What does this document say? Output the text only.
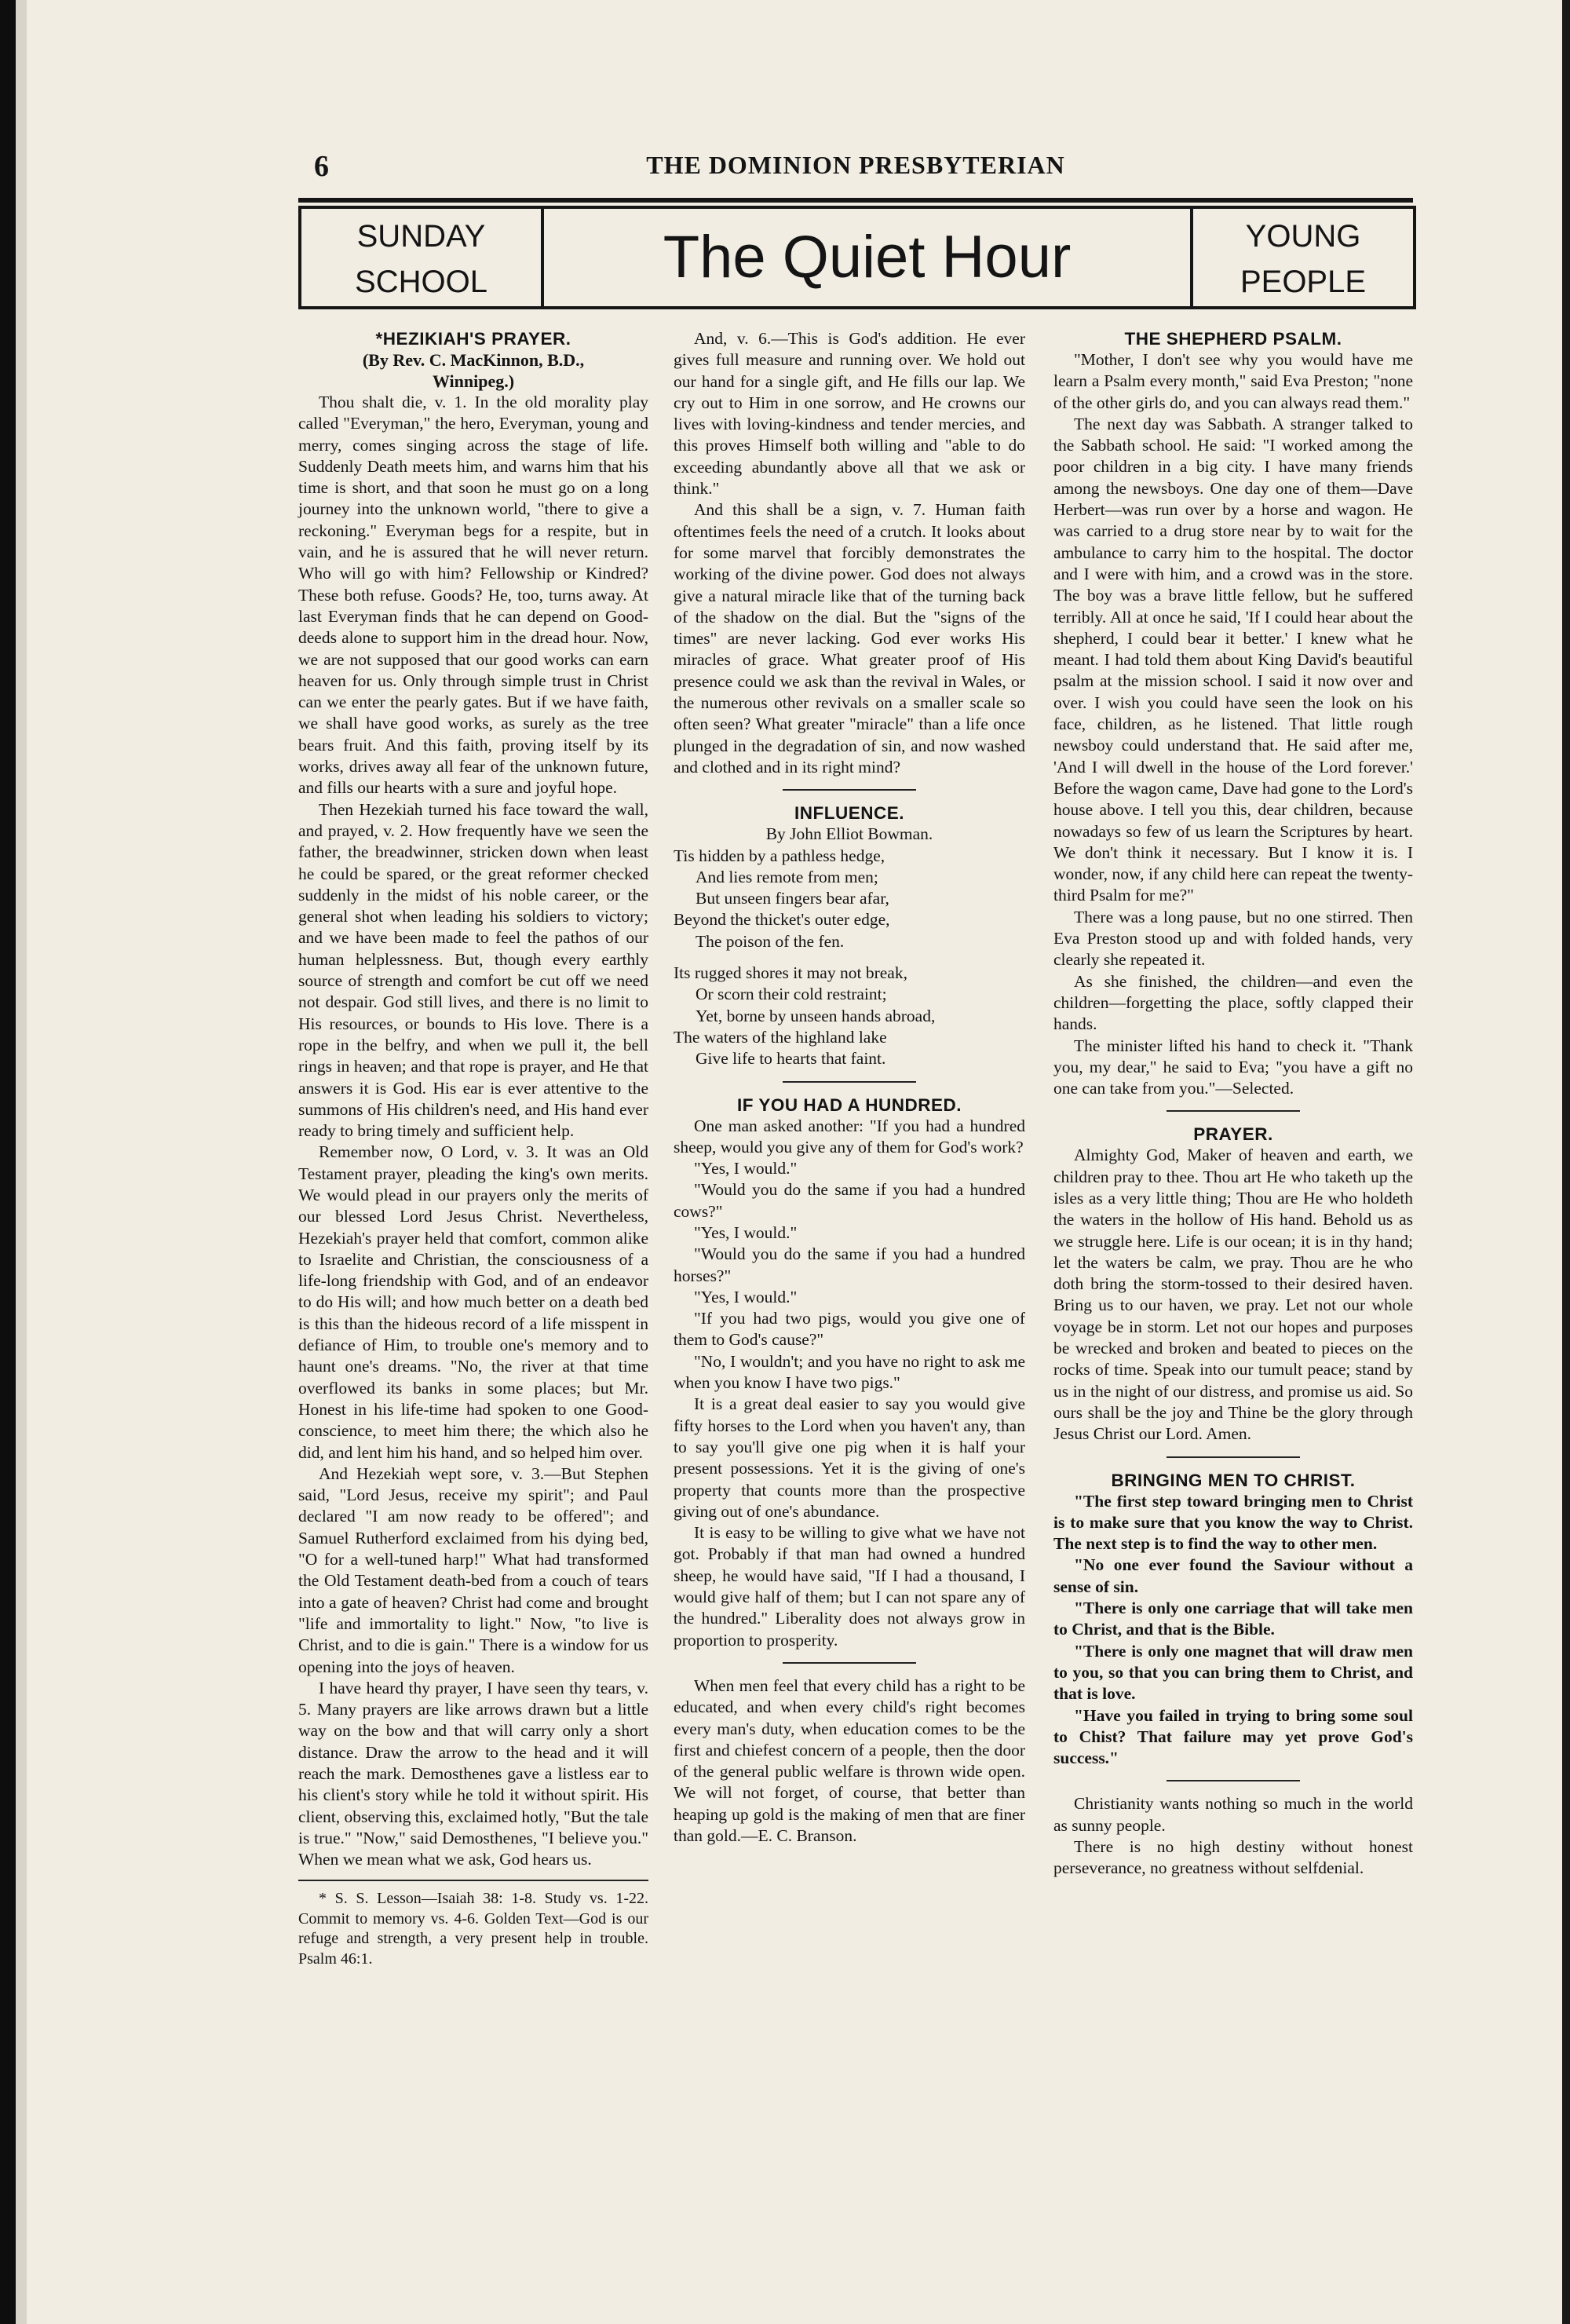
6	THE DOMINION PRESBYTERIAN
SUNDAY
SCHOOL	The Quiet Hour	YOUNG
PEOPLE
*HEZIKIAH'S PRAYER.
(By Rev. C. MacKinnon, B.D.,
Winnipeg.)

Thou shalt die, v. 1. In the old morality play called "Everyman," the hero, Everyman, young and merry, comes singing across the stage of life. Suddenly Death meets him, and warns him that his time is short, and that soon he must go on a long journey into the unknown world, "there to give a reckoning." Everyman begs for a respite, but in vain, and he is assured that he will never return. Who will go with him? Fellowship or Kindred? These both refuse. Goods? He, too, turns away. At last Everyman finds that he can depend on Good-deeds alone to support him in the dread hour. Now, we are not supposed that our good works can earn heaven for us. Only through simple trust in Christ can we enter the pearly gates. But if we have faith, we shall have good works, as surely as the tree bears fruit. And this faith, proving itself by its works, drives away all fear of the unknown future, and fills our hearts with a sure and joyful hope.

Then Hezekiah turned his face toward the wall, and prayed, v. 2. How frequently have we seen the father, the breadwinner, stricken down when least he could be spared, or the great reformer checked suddenly in the midst of his noble career, or the general shot when leading his soldiers to victory; and we have been made to feel the pathos of our human helplessness. But, though every earthly source of strength and comfort be cut off we need not despair. God still lives, and there is no limit to His resources, or bounds to His love. There is a rope in the belfry, and when we pull it, the bell rings in heaven; and that rope is prayer, and He that answers it is God. His ear is ever attentive to the summons of His children's need, and His hand ever ready to bring timely and sufficient help.

Remember now, O Lord, v. 3. It was an Old Testament prayer, pleading the king's own merits. We would plead in our prayers only the merits of our blessed Lord Jesus Christ. Nevertheless, Hezekiah's prayer held that comfort, common alike to Israelite and Christian, the consciousness of a life-long friendship with God, and of an endeavor to do His will; and how much better on a death bed is this than the hideous record of a life misspent in defiance of Him, to trouble one's memory and to haunt one's dreams. "No, the river at that time overflowed its banks in some places; but Mr. Honest in his life-time had spoken to one Good-conscience, to meet him there; the which also he did, and lent him his hand, and so helped him over.

And Hezekiah wept sore, v. 3.—But Stephen said, "Lord Jesus, receive my spirit"; and Paul declared "I am now ready to be offered"; and Samuel Rutherford exclaimed from his dying bed, "O for a well-tuned harp!" What had transformed the Old Testament death-bed from a couch of tears into a gate of heaven? Christ had come and brought "life and immortality to light." Now, "to live is Christ, and to die is gain." There is a window for us opening into the joys of heaven.

I have heard thy prayer, I have seen thy tears, v. 5. Many prayers are like arrows drawn but a little way on the bow and that will carry only a short distance. Draw the arrow to the head and it will reach the mark. Demosthenes gave a listless ear to his client's story while he told it without spirit. His client, observing this, exclaimed hotly, "But the tale is true." "Now," said Demosthenes, "I believe you." When we mean what we ask, God hears us.

* S. S. Lesson—Isaiah 38: 1-8. Study vs. 1-22. Commit to memory vs. 4-6. Golden Text—God is our refuge and strength, a very present help in trouble. Psalm 46:1.

And, v. 6.—This is God's addition. He ever gives full measure and running over. We hold out our hand for a single gift, and He fills our lap. We cry out to Him in one sorrow, and He crowns our lives with loving-kindness and tender mercies, and this proves Himself both willing and "able to do exceeding abundantly above all that we ask or think."

And this shall be a sign, v. 7. Human faith oftentimes feels the need of a crutch. It looks about for some marvel that forcibly demonstrates the working of the divine power. God does not always give a natural miracle like that of the turning back of the shadow on the dial. But the "signs of the times" are never lacking. God ever works His miracles of grace. What greater proof of His presence could we ask than the revival in Wales, or the numerous other revivals on a smaller scale so often seen? What greater "miracle" than a life once plunged in the degradation of sin, and now washed and clothed and in its right mind?

INFLUENCE.
By John Elliot Bowman.
Tis hidden by a pathless hedge,
And lies remote from men;
But unseen fingers bear afar,
Beyond the thicket's outer edge,
The poison of the fen.
Its rugged shores it may not break,
Or scorn their cold restraint;
Yet, borne by unseen hands abroad,
The waters of the highland lake
Give life to hearts that faint.
IF YOU HAD A HUNDRED.

One man asked another: "If you had a hundred sheep, would you give any of them for God's work?

"Yes, I would."

"Would you do the same if you had a hundred cows?"

"Yes, I would."

"Would you do the same if you had a hundred horses?"

"Yes, I would."

"If you had two pigs, would you give one of them to God's cause?"

"No, I wouldn't; and you have no right to ask me when you know I have two pigs."

It is a great deal easier to say you would give fifty horses to the Lord when you haven't any, than to say you'll give one pig when it is half your present possessions. Yet it is the giving of one's property that counts more than the prospective giving out of one's abundance.

It is easy to be willing to give what we have not got. Probably if that man had owned a hundred sheep, he would have said, "If I had a thousand, I would give half of them; but I can not spare any of the hundred." Liberality does not always grow in proportion to prosperity.

When men feel that every child has a right to be educated, and when every child's right becomes every man's duty, when education comes to be the first and chiefest concern of a people, then the door of the general public welfare is thrown wide open. We will not forget, of course, that better than heaping up gold is the making of men that are finer than gold.—E. C. Branson.

THE SHEPHERD PSALM.

"Mother, I don't see why you would have me learn a Psalm every month," said Eva Preston; "none of the other girls do, and you can always read them."

The next day was Sabbath. A stranger talked to the Sabbath school. He said: "I worked among the poor children in a big city. I have many friends among the newsboys. One day one of them—Dave Herbert—was run over by a horse and wagon. He was carried to a drug store near by to wait for the ambulance to carry him to the hospital. The doctor and I were with him, and a crowd was in the store. The boy was a brave little fellow, but he suffered terribly. All at once he said, 'If I could hear about the shepherd, I could bear it better.' I knew what he meant. I had told them about King David's beautiful psalm at the mission school. I said it now over and over. I wish you could have seen the look on his face, children, as he listened. That little rough newsboy could understand that. He said after me, 'And I will dwell in the house of the Lord forever.' Before the wagon came, Dave had gone to the Lord's house above. I tell you this, dear children, because nowadays so few of us learn the Scriptures by heart. We don't think it necessary. But I know it is. I wonder, now, if any child here can repeat the twenty-third Psalm for me?"

There was a long pause, but no one stirred. Then Eva Preston stood up and with folded hands, very clearly she repeated it.

As she finished, the children—and even the children—forgetting the place, softly clapped their hands.

The minister lifted his hand to check it. "Thank you, my dear," he said to Eva; "you have a gift no one can take from you."—Selected.

PRAYER.

Almighty God, Maker of heaven and earth, we children pray to thee. Thou art He who taketh up the isles as a very little thing; Thou are He who holdeth the waters in the hollow of His hand. Behold us as we struggle here. Life is our ocean; it is in thy hand; let the waters be calm, we pray. Thou are he who doth bring the storm-tossed to their desired haven. Bring us to our haven, we pray. Let not our whole voyage be in storm. Let not our hopes and purposes be wrecked and broken and beated to pieces on the rocks of time. Speak into our tumult peace; stand by us in the night of our distress, and promise us aid. So ours shall be the joy and Thine be the glory through Jesus Christ our Lord. Amen.

BRINGING MEN TO CHRIST.

"The first step toward bringing men to Christ is to make sure that you know the way to Christ. The next step is to find the way to other men.

"No one ever found the Saviour without a sense of sin.

"There is only one carriage that will take men to Christ, and that is the Bible.

"There is only one magnet that will draw men to you, so that you can bring them to Christ, and that is love.

"Have you failed in trying to bring some soul to Chist? That failure may yet prove God's success."

Christianity wants nothing so much in the world as sunny people.

There is no high destiny without honest perseverance, no greatness without selfdenial.
